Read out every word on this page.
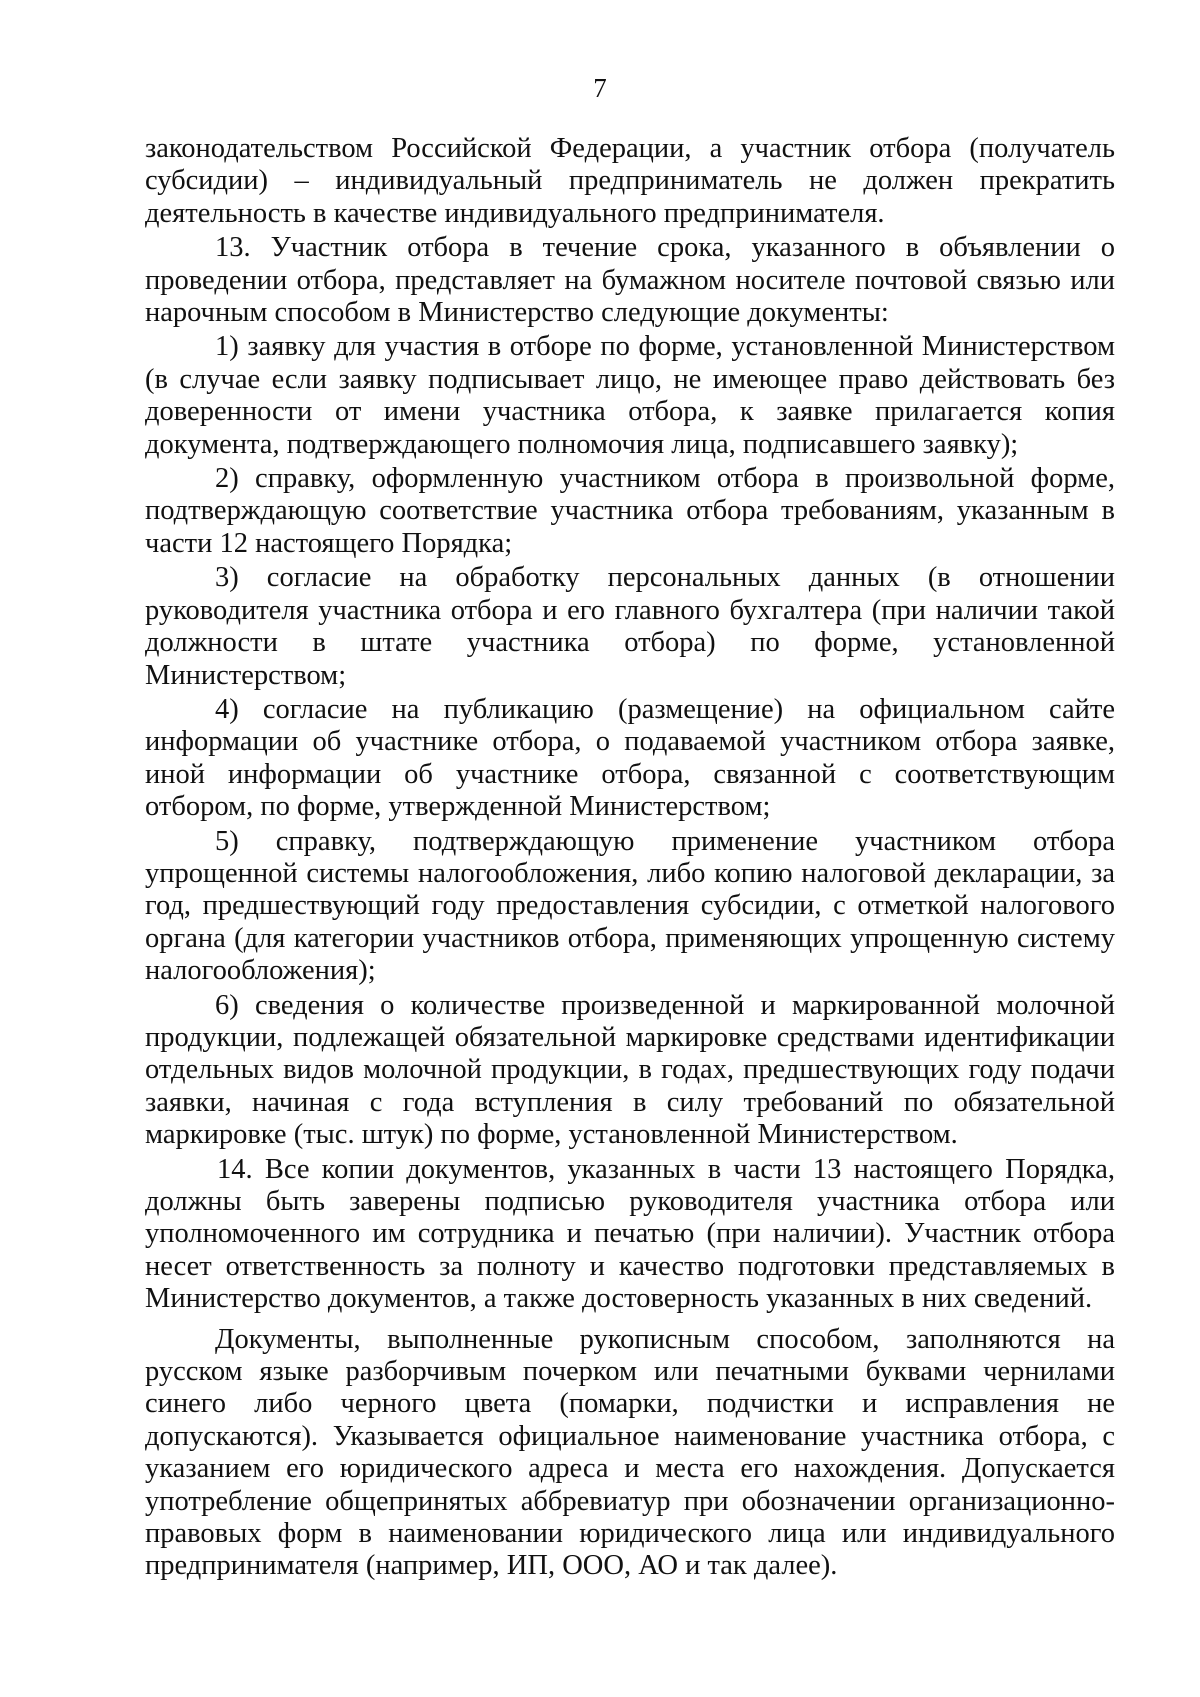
7

законодательством Российской Федерации, а участник отбора (получатель субсидии) – индивидуальный предприниматель не должен прекратить деятельность в качестве индивидуального предпринимателя.

13. Участник отбора в течение срока, указанного в объявлении о проведении отбора, представляет на бумажном носителе почтовой связью или нарочным способом в Министерство следующие документы:

1) заявку для участия в отборе по форме, установленной Министерством (в случае если заявку подписывает лицо, не имеющее право действовать без доверенности от имени участника отбора, к заявке прилагается копия документа, подтверждающего полномочия лица, подписавшего заявку);

2) справку, оформленную участником отбора в произвольной форме, подтверждающую соответствие участника отбора требованиям, указанным в части 12 настоящего Порядка;

3) согласие на обработку персональных данных (в отношении руководителя участника отбора и его главного бухгалтера (при наличии такой должности в штате участника отбора) по форме, установленной Министерством;

4) согласие на публикацию (размещение) на официальном сайте информации об участнике отбора, о подаваемой участником отбора заявке, иной информации об участнике отбора, связанной с соответствующим отбором, по форме, утвержденной Министерством;

5) справку, подтверждающую применение участником отбора упрощенной системы налогообложения, либо копию налоговой декларации, за год, предшествующий году предоставления субсидии, с отметкой налогового органа (для категории участников отбора, применяющих упрощенную систему налогообложения);

6) сведения о количестве произведенной и маркированной молочной продукции, подлежащей обязательной маркировке средствами идентификации отдельных видов молочной продукции, в годах, предшествующих году подачи заявки, начиная с года вступления в силу требований по обязательной маркировке (тыс. штук) по форме, установленной Министерством.

14. Все копии документов, указанных в части 13 настоящего Порядка, должны быть заверены подписью руководителя участника отбора или уполномоченного им сотрудника и печатью (при наличии). Участник отбора несет ответственность за полноту и качество подготовки представляемых в Министерство документов, а также достоверность указанных в них сведений.

Документы, выполненные рукописным способом, заполняются на русском языке разборчивым почерком или печатными буквами чернилами синего либо черного цвета (помарки, подчистки и исправления не допускаются). Указывается официальное наименование участника отбора, с указанием его юридического адреса и места его нахождения. Допускается употребление общепринятых аббревиатур при обозначении организационно-правовых форм в наименовании юридического лица или индивидуального предпринимателя (например, ИП, ООО, АО и так далее).
